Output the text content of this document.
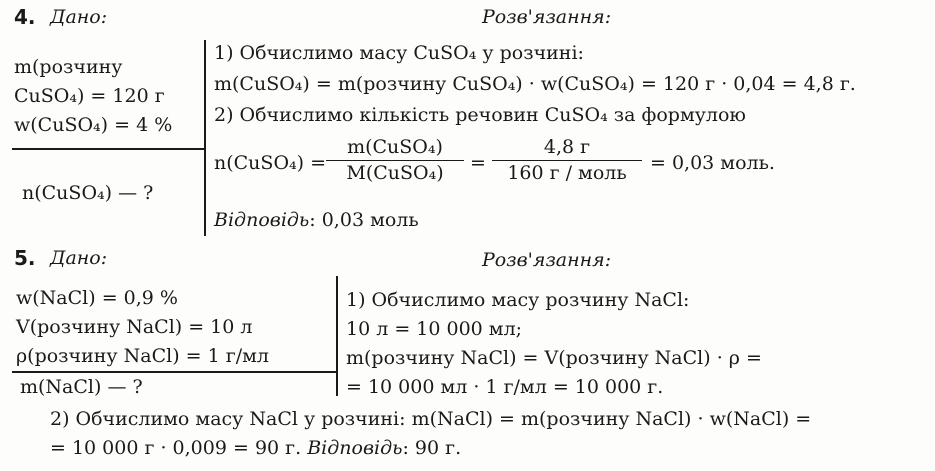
4. Дано:	Розв'язання:
m(розчину
CuSO₄) = 120 г
w(CuSO₄) = 4 %
n(CuSO₄) — ?
1) Обчислимо масу CuSO₄ у розчині:
m(CuSO₄) = m(розчину CuSO₄) · w(CuSO₄) = 120 г · 0,04 = 4,8 г.
2) Обчислимо кількість речовин CuSO₄ за формулою
n(CuSO₄) =
m(CuSO₄)
M(CuSO₄)	=
4,8 г
160 г / моль	= 0,03 моль.
Відповідь: 0,03 моль
5. Дано:	Розв'язання:
w(NaCl) = 0,9 %
V(розчину NaCl) = 10 л
ρ(розчину NaCl) = 1 г/мл
m(NaCl) — ?
1) Обчислимо масу розчину NaCl:
10 л = 10 000 мл;
m(розчину NaCl) = V(розчину NaCl) · ρ =
= 10 000 мл · 1 г/мл = 10 000 г.
2) Обчислимо масу NaCl у розчині: m(NaCl) = m(розчину NaCl) · w(NaCl) =
= 10 000 г · 0,009 = 90 г. Відповідь: 90 г.
